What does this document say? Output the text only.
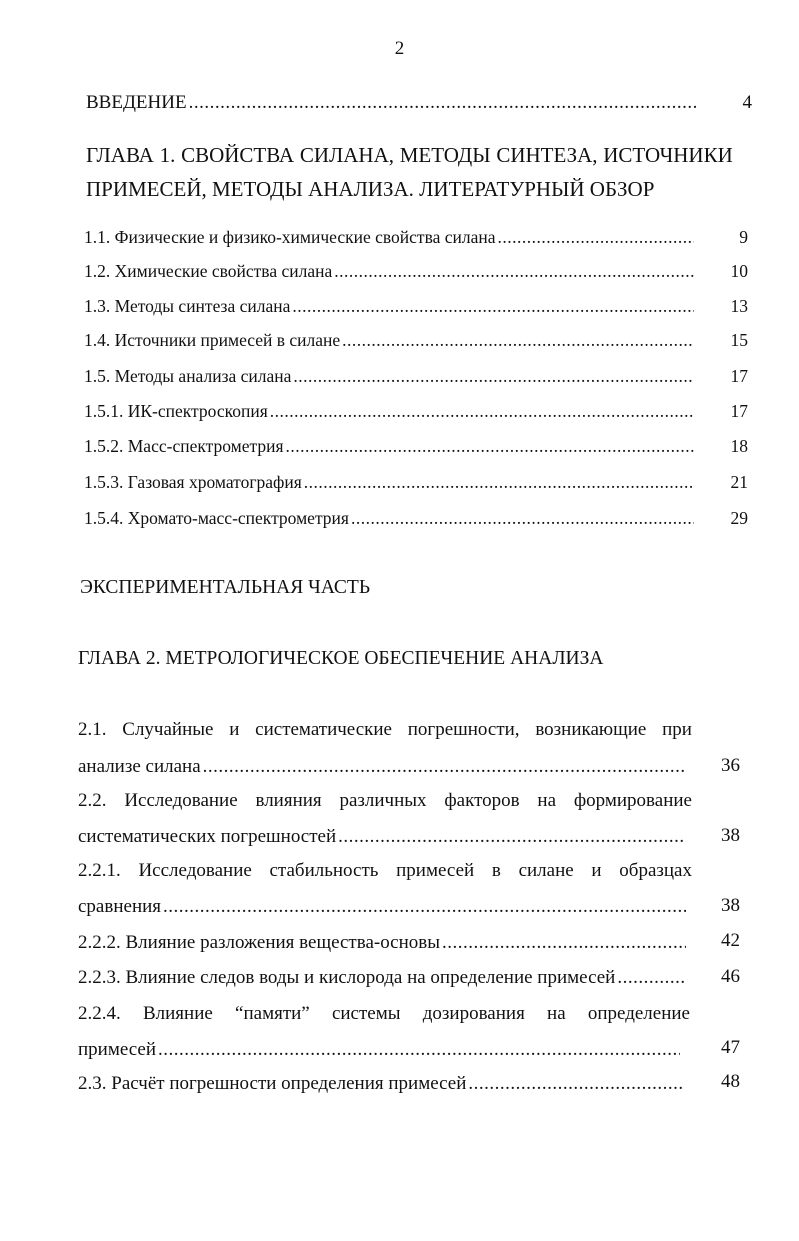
2
ВВЕДЕНИЕ .....	4
ГЛАВА 1. СВОЙСТВА СИЛАНА, МЕТОДЫ СИНТЕЗА, ИСТОЧНИКИ
ПРИМЕСЕЙ, МЕТОДЫ АНАЛИЗА. ЛИТЕРАТУРНЫЙ ОБЗОР
1.1. Физические и физико-химические свойства силана .....	9
1.2. Химические свойства силана .....	10
1.3. Методы синтеза силана .....	13
1.4. Источники примесей в силане .....	15
1.5. Методы анализа силана .....	17
1.5.1. ИК-спектроскопия .....	17
1.5.2. Масс-спектрометрия .....	18
1.5.3. Газовая хроматография .....	21
1.5.4. Хромато-масс-спектрометрия .....	29
ЭКСПЕРИМЕНТАЛЬНАЯ ЧАСТЬ
ГЛАВА 2. МЕТРОЛОГИЧЕСКОЕ ОБЕСПЕЧЕНИЕ АНАЛИЗА
2.1. Случайные и систематические погрешности, возникающие при
анализе силана .....	36
2.2. Исследование влияния различных факторов на формирование
систематических погрешностей .....	38
2.2.1. Исследование стабильность примесей в силане и образцах
сравнения .....	38
2.2.2. Влияние разложения вещества-основы .....	42
2.2.3. Влияние следов воды и кислорода на определение примесей .....	46
2.2.4. Влияние “памяти” системы дозирования на определение
примесей .....	47
2.3. Расчёт погрешности определения примесей .....	48
